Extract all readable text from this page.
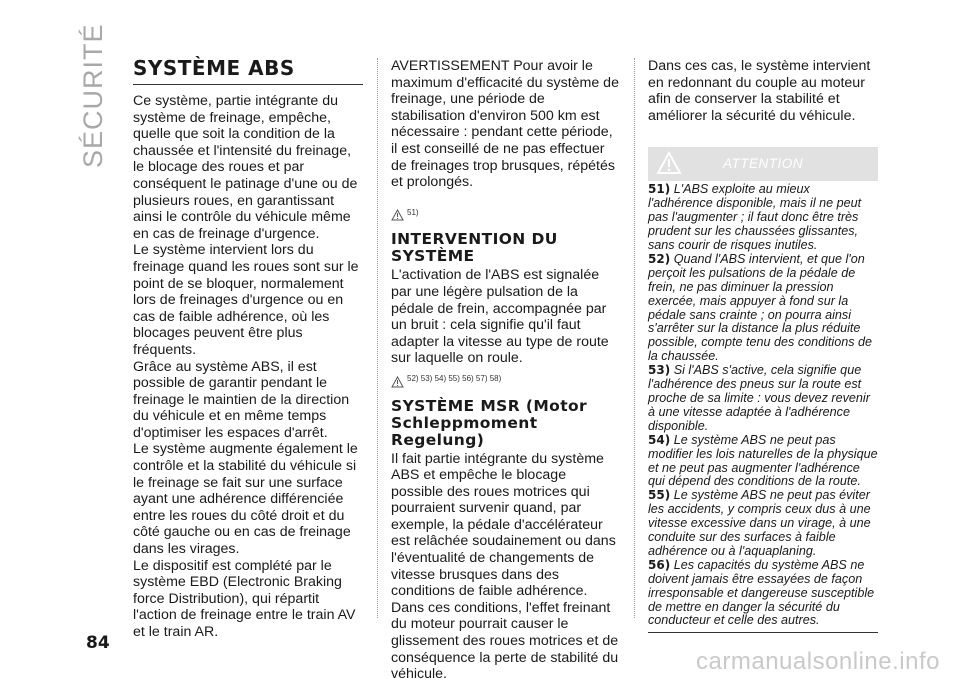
SÉCURITÉ SYSTÈME ABS

Ce système, partie intégrante du système de freinage, empêche, quelle que soit la condition de la chaussée et l'intensité du freinage, le blocage des roues et par conséquent le patinage d'une ou de plusieurs roues, en garantissant ainsi le contrôle du véhicule même en cas de freinage d'urgence.

Le système intervient lors du freinage quand les roues sont sur le point de se bloquer, normalement lors de freinages d'urgence ou en cas de faible adhérence, où les blocages peuvent être plus fréquents.

Grâce au système ABS, il est possible de garantir pendant le freinage le maintien de la direction du véhicule et en même temps d'optimiser les espaces d'arrêt.

Le système augmente également le contrôle et la stabilité du véhicule si le freinage se fait sur une surface ayant une adhérence différenciée entre les roues du côté droit et du côté gauche ou en cas de freinage dans les virages.

Le dispositif est complété par le système EBD (Electronic Braking force Distribution), qui répartit l'action de freinage entre le train AV et le train AR.

AVERTISSEMENT Pour avoir le maximum d'efficacité du système de freinage, une période de stabilisation d'environ 500 km est nécessaire : pendant cette période, il est conseillé de ne pas effectuer de freinages trop brusques, répétés et prolongés.

51)
INTERVENTION DU SYSTÈME

L'activation de l'ABS est signalée par une légère pulsation de la pédale de frein, accompagnée par un bruit : cela signifie qu'il faut adapter la vitesse au type de route sur laquelle on roule.

52) 53) 54) 55) 56) 57) 58)
SYSTÈME MSR (Motor Schleppmoment Regelung)

Il fait partie intégrante du système ABS et empêche le blocage possible des roues motrices qui pourraient survenir quand, par exemple, la pédale d'accélérateur est relâchée soudainement ou dans l'éventualité de changements de vitesse brusques dans des conditions de faible adhérence. Dans ces conditions, l'effet freinant du moteur pourrait causer le glissement des roues motrices et de conséquence la perte de stabilité du véhicule.

Dans ces cas, le système intervient en redonnant du couple au moteur afin de conserver la stabilité et améliorer la sécurité du véhicule.

ATTENTION

51) L'ABS exploite au mieux l'adhérence disponible, mais il ne peut pas l'augmenter ; il faut donc être très prudent sur les chaussées glissantes, sans courir de risques inutiles.

52) Quand l'ABS intervient, et que l'on perçoit les pulsations de la pédale de frein, ne pas diminuer la pression exercée, mais appuyer à fond sur la pédale sans crainte ; on pourra ainsi s'arrêter sur la distance la plus réduite possible, compte tenu des conditions de la chaussée.

53) Si l'ABS s'active, cela signifie que l'adhérence des pneus sur la route est proche de sa limite : vous devez revenir à une vitesse adaptée à l'adhérence disponible.

54) Le système ABS ne peut pas modifier les lois naturelles de la physique et ne peut pas augmenter l'adhérence qui dépend des conditions de la route.

55) Le système ABS ne peut pas éviter les accidents, y compris ceux dus à une vitesse excessive dans un virage, à une conduite sur des surfaces à faible adhérence ou à l'aquaplaning.

56) Les capacités du système ABS ne doivent jamais être essayées de façon irresponsable et dangereuse susceptible de mettre en danger la sécurité du conducteur et celle des autres.

84
carmanualsonline.info
